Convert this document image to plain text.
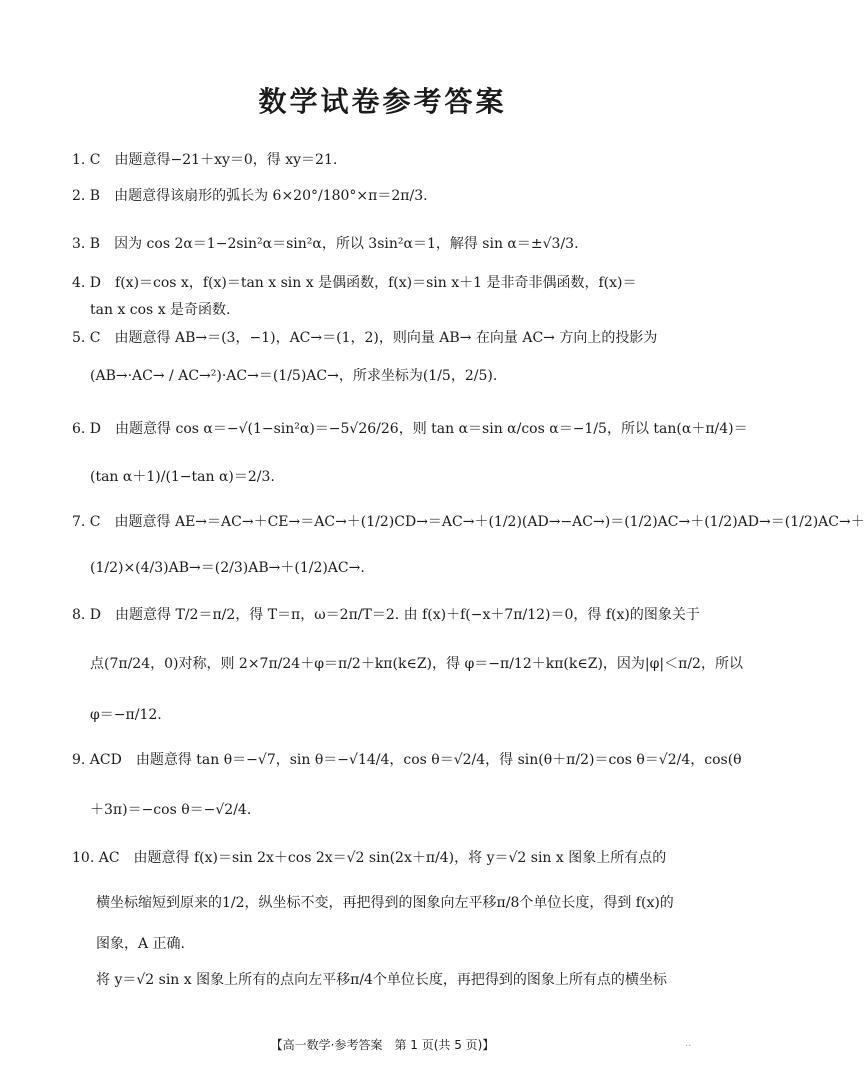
数学试卷参考答案
1. C　由题意得−21＋xy＝0，得 xy＝21.
2. B　由题意得该扇形的弧长为 6×20°/180°×π＝2π/3.
3. B　因为 cos 2α＝1−2sin²α＝sin²α，所以 3sin²α＝1，解得 sin α＝±√3/3.
4. D　f(x)＝cos x，f(x)＝tan x sin x 是偶函数，f(x)＝sin x＋1 是非奇非偶函数，f(x)＝
tan x cos x 是奇函数.
5. C　由题意得 AB→＝(3，−1)，AC→＝(1，2)，则向量 AB→ 在向量 AC→ 方向上的投影为
(AB→·AC→ / AC→²)·AC→＝(1/5)AC→，所求坐标为(1/5，2/5).
6. D　由题意得 cos α＝−√(1−sin²α)＝−5√26/26，则 tan α＝sin α/cos α＝−1/5，所以 tan(α＋π/4)＝
(tan α＋1)/(1−tan α)＝2/3.
7. C　由题意得 AE→＝AC→＋CE→＝AC→＋(1/2)CD→＝AC→＋(1/2)(AD→−AC→)＝(1/2)AC→＋(1/2)AD→＝(1/2)AC→＋
(1/2)×(4/3)AB→＝(2/3)AB→＋(1/2)AC→.
8. D　由题意得 T/2＝π/2，得 T＝π，ω＝2π/T＝2. 由 f(x)＋f(−x＋7π/12)＝0，得 f(x)的图象关于
点(7π/24，0)对称，则 2×7π/24＋φ＝π/2＋kπ(k∈Z)，得 φ＝−π/12＋kπ(k∈Z)，因为|φ|＜π/2，所以
φ＝−π/12.
9. ACD　由题意得 tan θ＝−√7，sin θ＝−√14/4，cos θ＝√2/4，得 sin(θ＋π/2)＝cos θ＝√2/4，cos(θ
＋3π)＝−cos θ＝−√2/4.
10. AC　由题意得 f(x)＝sin 2x＋cos 2x＝√2 sin(2x＋π/4)，将 y＝√2 sin x 图象上所有点的
横坐标缩短到原来的1/2，纵坐标不变，再把得到的图象向左平移π/8个单位长度，得到 f(x)的
图象，A 正确.
将 y＝√2 sin x 图象上所有的点向左平移π/4个单位长度，再把得到的图象上所有点的横坐标
【高一数学·参考答案　第 1 页(共 5 页)】	..
